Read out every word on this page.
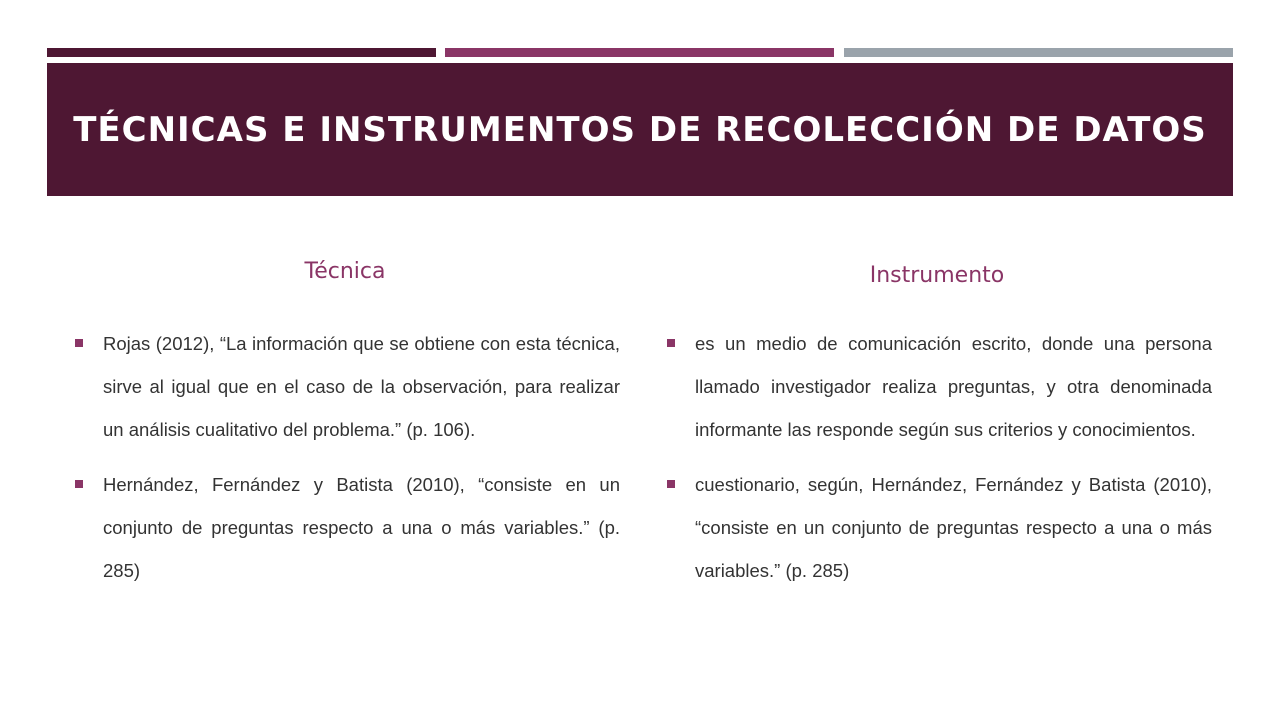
TÉCNICAS E INSTRUMENTOS DE RECOLECCIÓN DE DATOS
Técnica
Rojas (2012), “La información que se obtiene con esta técnica, sirve al igual que en el caso de la observación, para realizar un análisis cualitativo del problema.” (p. 106).
Hernández, Fernández y Batista (2010), “consiste en un conjunto de preguntas respecto a una o más variables.” (p. 285)
Instrumento
es un medio de comunicación escrito, donde una persona llamado investigador realiza preguntas, y otra denominada informante las responde según sus criterios y conocimientos.
cuestionario, según, Hernández, Fernández y Batista (2010), “consiste en un conjunto de preguntas respecto a una o más variables.” (p. 285)
